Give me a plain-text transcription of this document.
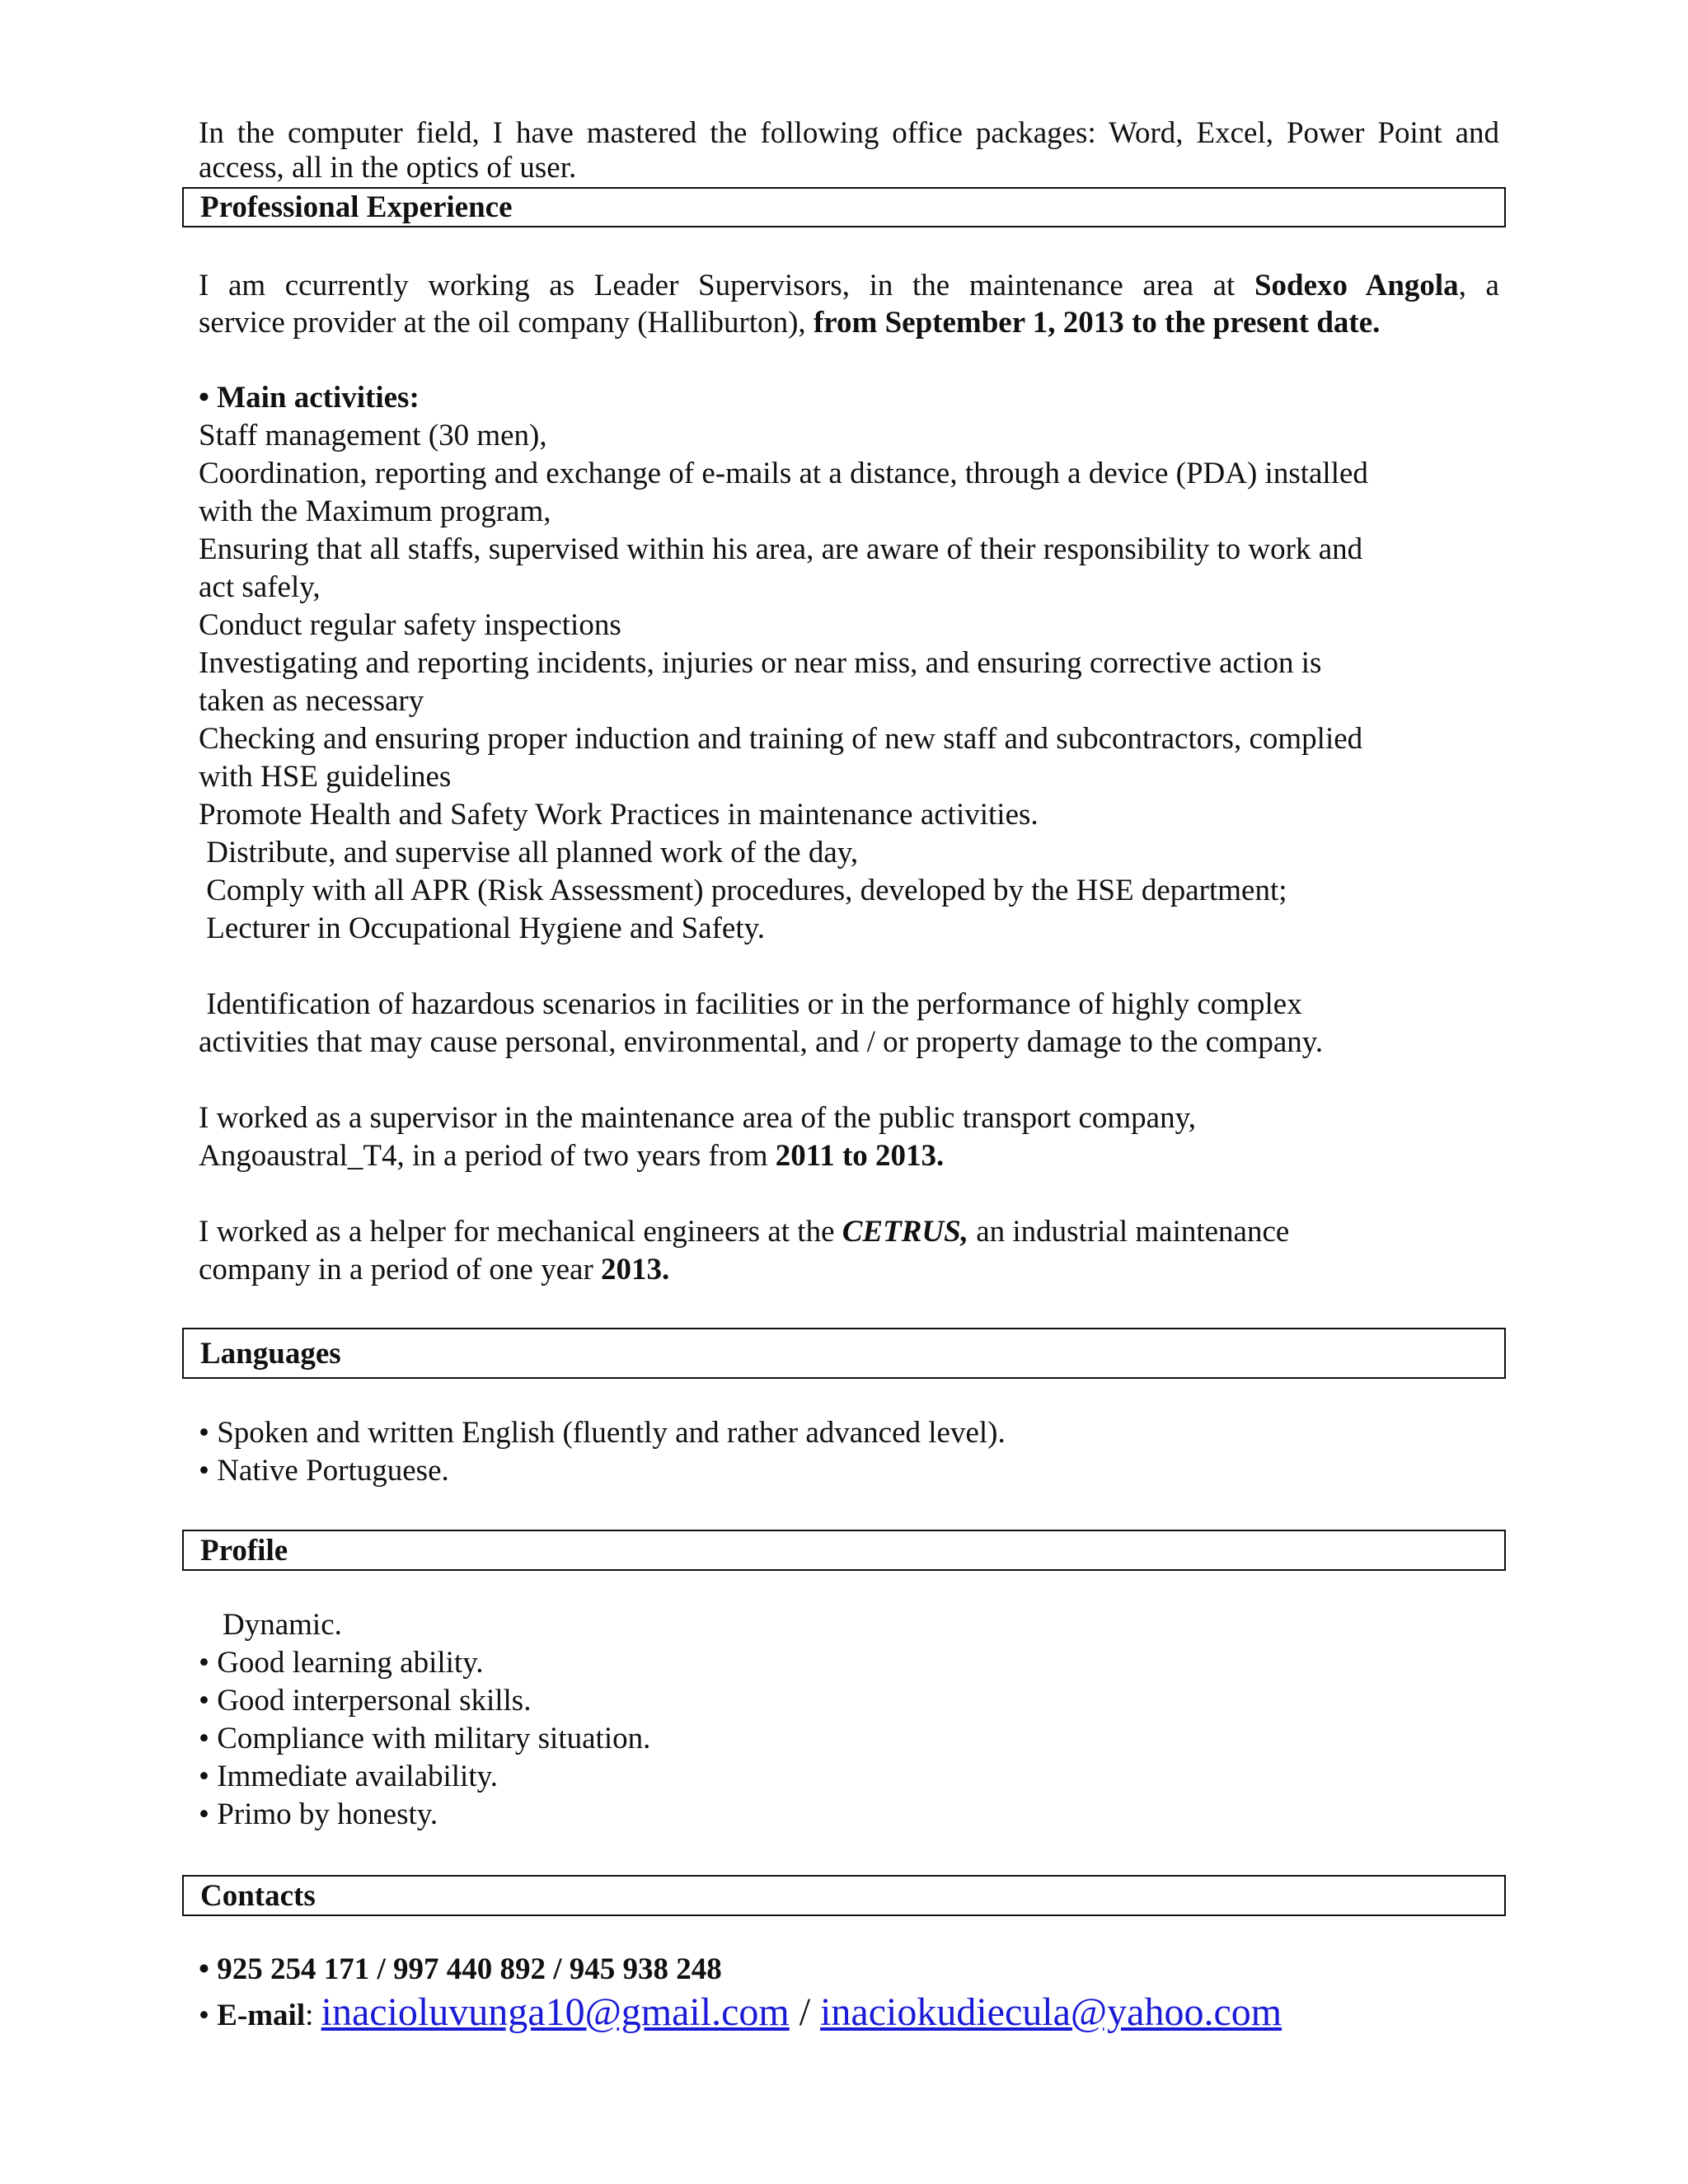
In the computer field, I have mastered the following office packages: Word, Excel, Power Point and
access, all in the optics of user.
Professional Experience
I am ccurrently working as Leader Supervisors, in the maintenance area at Sodexo Angola, a
service provider at the oil company (Halliburton), from September 1, 2013 to the present date.
• Main activities:
Staff management (30 men),
Coordination, reporting and exchange of e-mails at a distance, through a device (PDA) installed
with the Maximum program,
Ensuring that all staffs, supervised within his area, are aware of their responsibility to work and
act safely,
Conduct regular safety inspections
Investigating and reporting incidents, injuries or near miss, and ensuring corrective action is
taken as necessary
Checking and ensuring proper induction and training of new staff and subcontractors, complied
with HSE guidelines
Promote Health and Safety Work Practices in maintenance activities.
Distribute, and supervise all planned work of the day,
Comply with all APR (Risk Assessment) procedures, developed by the HSE department;
Lecturer in Occupational Hygiene and Safety.
Identification of hazardous scenarios in facilities or in the performance of highly complex
activities that may cause personal, environmental, and / or property damage to the company.
I worked as a supervisor in the maintenance area of the public transport company,
Angoaustral_T4, in a period of two years from 2011 to 2013.
I worked as a helper for mechanical engineers at the CETRUS, an industrial maintenance
company in a period of one year 2013.
Languages
• Spoken and written English (fluently and rather advanced level).
• Native Portuguese.
Profile
Dynamic.
• Good learning ability.
• Good interpersonal skills.
• Compliance with military situation.
• Immediate availability.
• Primo by honesty.
Contacts
• 925 254 171 / 997 440 892 / 945 938 248
• E-mail: inacioluvunga10@gmail.com / inaciokudiecula@yahoo.com
